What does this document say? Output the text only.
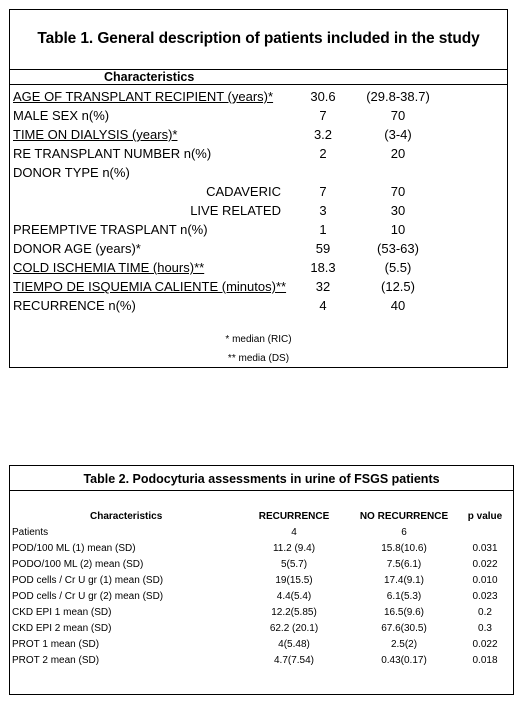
Table 1. General description of patients included in the study
Characteristics
AGE OF TRANSPLANT RECIPIENT (years)*	30.6	(29.8-38.7)
MALE SEX n(%)	7	70
TIME ON DIALYSIS (years)*	3.2	(3-4)
RE TRANSPLANT NUMBER n(%)	2	20
DONOR TYPE n(%)
CADAVERIC	7	70
LIVE RELATED	3	30
PREEMPTIVE TRASPLANT n(%)	1	10
DONOR AGE (years)*	59	(53-63)
COLD ISCHEMIA TIME (hours)**	18.3	(5.5)
TIEMPO DE ISQUEMIA CALIENTE (minutos)**	32	(12.5)
RECURRENCE n(%)	4	40
* median (RIC)
** media (DS)
Table 2. Podocyturia assessments in urine of FSGS patients
Characteristics	RECURRENCE	NO RECURRENCE	p value
Patients	4	6
POD/100 ML (1) mean (SD)	11.2 (9.4)	15.8(10.6)	0.031
PODO/100 ML (2) mean (SD)	5(5.7)	7.5(6.1)	0.022
POD cells / Cr U gr (1) mean (SD)	19(15.5)	17.4(9.1)	0.010
POD cells / Cr U gr (2) mean (SD)	4.4(5.4)	6.1(5.3)	0.023
CKD EPI 1 mean (SD)	12.2(5.85)	16.5(9.6)	0.2
CKD EPI 2 mean (SD)	62.2 (20.1)	67.6(30.5)	0.3
PROT 1 mean (SD)	4(5.48)	2.5(2)	0.022
PROT 2 mean (SD)	4.7(7.54)	0.43(0.17)	0.018
